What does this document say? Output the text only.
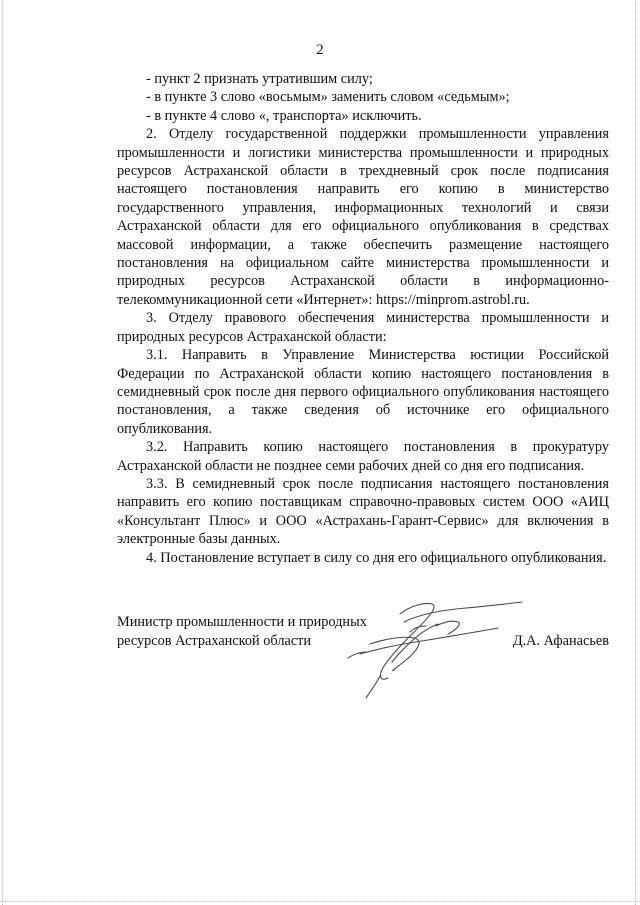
2

- пункт 2 признать утратившим силу;

- в пункте 3 слово «восьмым» заменить словом «седьмым»;

- в пункте 4 слово «, транспорта» исключить.

2. Отделу государственной поддержки промышленности управления промышленности и логистики министерства промышленности и природных ресурсов Астраханской области в трехдневный срок после подписания настоящего постановления направить его копию в министерство государственного управления, информационных технологий и связи Астраханской области для его официального опубликования в средствах массовой информации, а также обеспечить размещение настоящего постановления на официальном сайте министерства промышленности и природных ресурсов Астраханской области в информационно-телекоммуникационной сети «Интернет»: https://minprom.astrobl.ru.

3. Отделу правового обеспечения министерства промышленности и природных ресурсов Астраханской области:

3.1. Направить в Управление Министерства юстиции Российской Федерации по Астраханской области копию настоящего постановления в семидневный срок после дня первого официального опубликования настоящего постановления, а также сведения об источнике его официального опубликования.

3.2. Направить копию настоящего постановления в прокуратуру Астраханской области не позднее семи рабочих дней со дня его подписания.

3.3. В семидневный срок после подписания настоящего постановления направить его копию поставщикам справочно-правовых систем ООО «АИЦ «Консультант Плюс» и ООО «Астрахань-Гарант-Сервис» для включения в электронные базы данных.

4. Постановление вступает в силу со дня его официального опубликования.

Министр промышленности и природных
ресурсов Астраханской области	Д.А. Афанасьев
